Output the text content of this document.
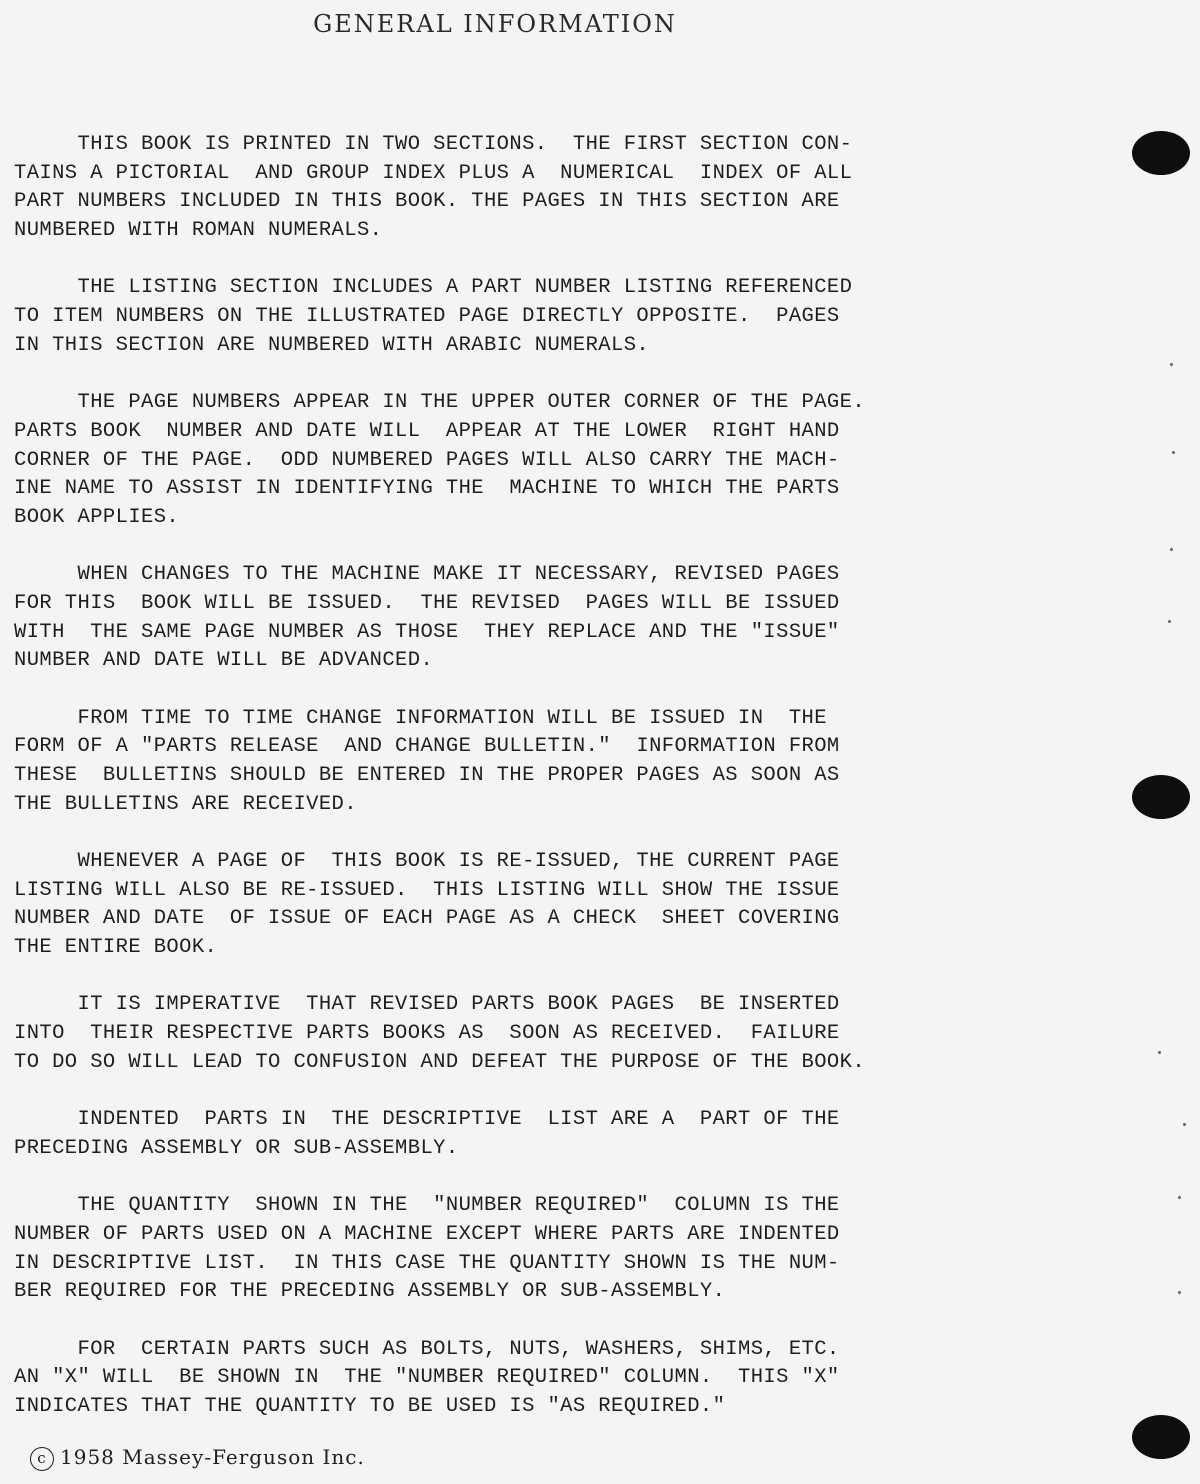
GENERAL INFORMATION
THIS BOOK IS PRINTED IN TWO SECTIONS.  THE FIRST SECTION CON-
TAINS A PICTORIAL  AND GROUP INDEX PLUS A  NUMERICAL  INDEX OF ALL
PART NUMBERS INCLUDED IN THIS BOOK. THE PAGES IN THIS SECTION ARE
NUMBERED WITH ROMAN NUMERALS.
THE LISTING SECTION INCLUDES A PART NUMBER LISTING REFERENCED
TO ITEM NUMBERS ON THE ILLUSTRATED PAGE DIRECTLY OPPOSITE.  PAGES
IN THIS SECTION ARE NUMBERED WITH ARABIC NUMERALS.
THE PAGE NUMBERS APPEAR IN THE UPPER OUTER CORNER OF THE PAGE.
PARTS BOOK  NUMBER AND DATE WILL  APPEAR AT THE LOWER  RIGHT HAND
CORNER OF THE PAGE.  ODD NUMBERED PAGES WILL ALSO CARRY THE MACH-
INE NAME TO ASSIST IN IDENTIFYING THE  MACHINE TO WHICH THE PARTS
BOOK APPLIES.
WHEN CHANGES TO THE MACHINE MAKE IT NECESSARY, REVISED PAGES
FOR THIS  BOOK WILL BE ISSUED.  THE REVISED  PAGES WILL BE ISSUED
WITH  THE SAME PAGE NUMBER AS THOSE  THEY REPLACE AND THE "ISSUE"
NUMBER AND DATE WILL BE ADVANCED.
FROM TIME TO TIME CHANGE INFORMATION WILL BE ISSUED IN  THE
FORM OF A "PARTS RELEASE  AND CHANGE BULLETIN."  INFORMATION FROM
THESE  BULLETINS SHOULD BE ENTERED IN THE PROPER PAGES AS SOON AS
THE BULLETINS ARE RECEIVED.
WHENEVER A PAGE OF  THIS BOOK IS RE-ISSUED, THE CURRENT PAGE
LISTING WILL ALSO BE RE-ISSUED.  THIS LISTING WILL SHOW THE ISSUE
NUMBER AND DATE  OF ISSUE OF EACH PAGE AS A CHECK  SHEET COVERING
THE ENTIRE BOOK.
IT IS IMPERATIVE  THAT REVISED PARTS BOOK PAGES  BE INSERTED
INTO  THEIR RESPECTIVE PARTS BOOKS AS  SOON AS RECEIVED.  FAILURE
TO DO SO WILL LEAD TO CONFUSION AND DEFEAT THE PURPOSE OF THE BOOK.
INDENTED  PARTS IN  THE DESCRIPTIVE  LIST ARE A  PART OF THE
PRECEDING ASSEMBLY OR SUB-ASSEMBLY.
THE QUANTITY  SHOWN IN THE  "NUMBER REQUIRED"  COLUMN IS THE
NUMBER OF PARTS USED ON A MACHINE EXCEPT WHERE PARTS ARE INDENTED
IN DESCRIPTIVE LIST.  IN THIS CASE THE QUANTITY SHOWN IS THE NUM-
BER REQUIRED FOR THE PRECEDING ASSEMBLY OR SUB-ASSEMBLY.
FOR  CERTAIN PARTS SUCH AS BOLTS, NUTS, WASHERS, SHIMS, ETC.
AN "X" WILL  BE SHOWN IN  THE "NUMBER REQUIRED" COLUMN.  THIS "X"
INDICATES THAT THE QUANTITY TO BE USED IS "AS REQUIRED."
c 1958 Massey-Ferguson Inc.
